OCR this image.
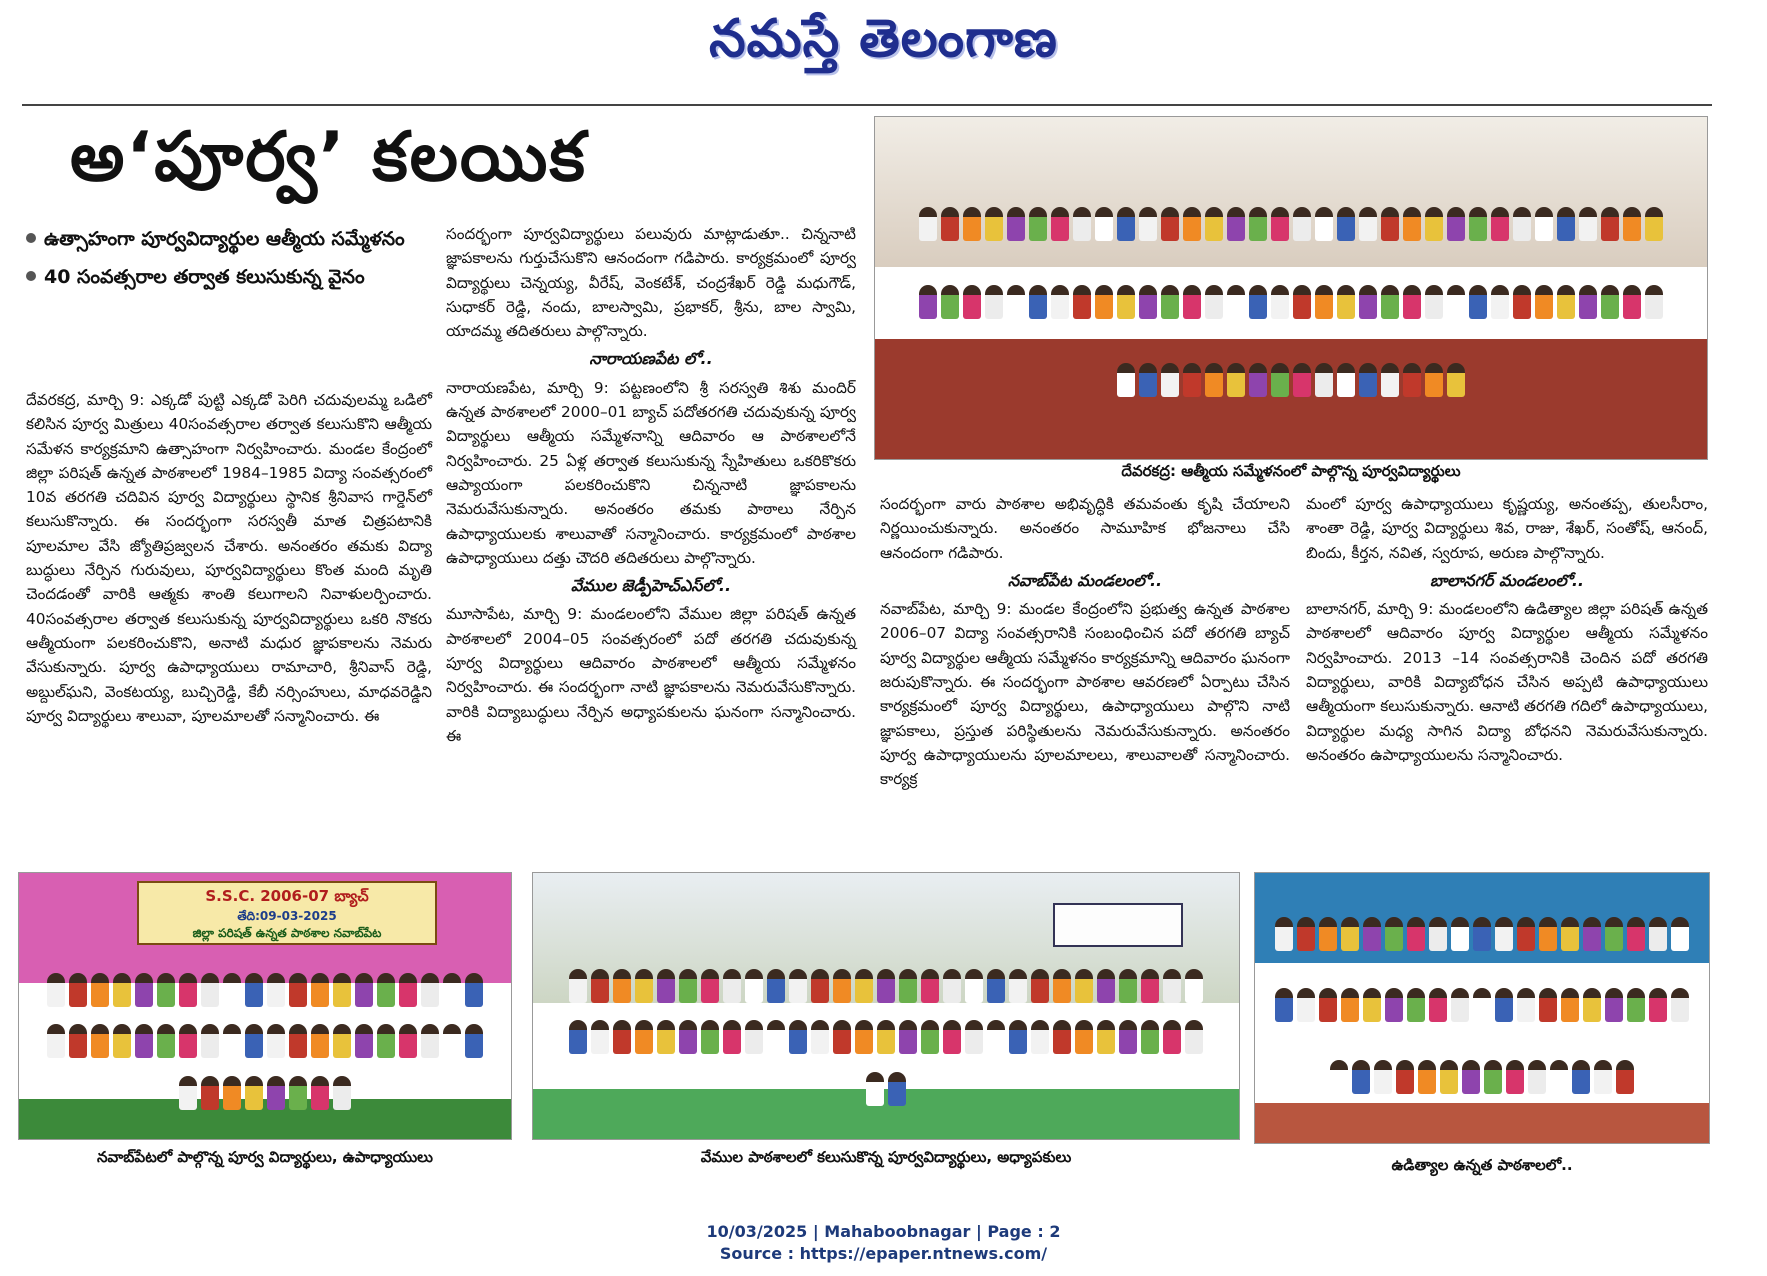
నమస్తే తెలంగాణ
అ‘పూర్వ’ కలయిక
ఉత్సాహంగా పూర్వవిద్యార్థుల ఆత్మీయ సమ్మేళనం
40 సంవత్సరాల తర్వాత కలుసుకున్న వైనం

దేవరకద్ర, మార్చి 9: ఎక్కడో పుట్టి ఎక్కడో పెరిగి చదువులమ్మ ఒడిలో కలిసిన పూర్వ మిత్రులు 40సంవత్సరాల తర్వాత కలుసుకొని ఆత్మీయ సమేళన కార్యక్రమాని ఉత్సాహంగా నిర్వహించారు. మండల కేంద్రంలో జిల్లా పరిషత్ ఉన్నత పాఠశాలలో 1984–1985 విద్యా సంవత్సరంలో 10వ తరగతి చదివిన పూర్వ విద్యార్థులు స్థానిక శ్రీనివాస గార్డెన్‌లో కలుసుకొన్నారు. ఈ సందర్భంగా సరస్వతీ మాత చిత్రపటానికి పూలమాల వేసి జ్యోతిప్రజ్వలన చేశారు. అనంతరం తమకు విద్యా బుద్ధులు నేర్పిన గురువులు, పూర్వవిద్యార్థులు కొంత మంది మృతి చెందడంతో వారికి ఆత్మకు శాంతి కలుగాలని నివాళులర్పించారు. 40సంవత్సరాల తర్వాత కలుసుకున్న పూర్వవిద్యార్థులు ఒకరి నొకరు ఆత్మీయంగా పలకరించుకొని, అనాటి మధుర జ్ఞాపకాలను నెమరు వేసుకున్నారు. పూర్వ ఉపాధ్యాయులు రామాచారి, శ్రీనివాస్ రెడ్డి, అబ్దుల్‌ఘని, వెంకటయ్య, బుచ్చిరెడ్డి, కేబీ నర్సింహులు, మాధవరెడ్డిని పూర్వ విద్యార్థులు శాలువా, పూలమాలతో సన్మానించారు. ఈ

సందర్భంగా పూర్వవిద్యార్థులు పలువురు మాట్లాడుతూ.. చిన్ననాటి జ్ఞాపకాలను గుర్తుచేసుకొని ఆనందంగా గడిపారు. కార్యక్రమంలో పూర్వ విద్యార్థులు చెన్నయ్య, వీరేష్, వెంకటేశ్, చంద్రశేఖర్ రెడ్డి మధుగౌడ్, సుధాకర్ రెడ్డి, నందు, బాలస్వామి, ప్రభాకర్, శ్రీను, బాల స్వామి, యాదమ్మ తదితరులు పాల్గొన్నారు.

నారాయణపేట లో..

నారాయణపేట, మార్చి 9: పట్టణంలోని శ్రీ సరస్వతి శిశు మందిర్ ఉన్నత పాఠశాలలో 2000–01 బ్యాచ్ పదోతరగతి చదువుకున్న పూర్వ విద్యార్థులు ఆత్మీయ సమ్మేళనాన్ని ఆదివారం ఆ పాఠశాలలోనే నిర్వహించారు. 25 ఏళ్ల తర్వాత కలుసుకున్న స్నేహితులు ఒకరికొకరు ఆప్యాయంగా పలకరించుకొని చిన్ననాటి జ్ఞాపకాలను నెమరువేసుకున్నారు. అనంతరం తమకు పాఠాలు నేర్పిన ఉపాధ్యాయులకు శాలువాతో సన్మానించారు. కార్యక్రమంలో పాఠశాల ఉపాధ్యాయులు దత్తు చౌదరి తదితరులు పాల్గొన్నారు.

వేముల జెడ్పీహెచ్‌ఎస్‌లో..

మూసాపేట, మార్చి 9: మండలంలోని వేముల జిల్లా పరిషత్ ఉన్నత పాఠశాలలో 2004–05 సంవత్సరంలో పదో తరగతి చదువుకున్న పూర్వ విద్యార్థులు ఆదివారం పాఠశాలలో ఆత్మీయ సమ్మేళనం నిర్వహించారు. ఈ సందర్భంగా నాటి జ్ఞాపకాలను నెమరువేసుకొన్నారు. వారికి విద్యాబుద్ధులు నేర్పిన అధ్యాపకులను ఘనంగా సన్మానించారు. ఈ

దేవరకద్ర: ఆత్మీయ సమ్మేళనంలో పాల్గొన్న పూర్వవిద్యార్థులు

సందర్భంగా వారు పాఠశాల అభివృద్ధికి తమవంతు కృషి చేయాలని నిర్ణయించుకున్నారు. అనంతరం సామూహిక భోజనాలు చేసి ఆనందంగా గడిపారు.

నవాబ్‌పేట మండలంలో..

నవాబ్‌పేట, మార్చి 9: మండల కేంద్రంలోని ప్రభుత్వ ఉన్నత పాఠశాల 2006–07 విద్యా సంవత్సరానికి సంబంధించిన పదో తరగతి బ్యాచ్ పూర్వ విద్యార్థుల ఆత్మీయ సమ్మేళనం కార్యక్రమాన్ని ఆదివారం ఘనంగా జరుపుకొన్నారు. ఈ సందర్భంగా పాఠశాల ఆవరణలో ఏర్పాటు చేసిన కార్యక్రమంలో పూర్వ విద్యార్థులు, ఉపాధ్యాయులు పాల్గొని నాటి జ్ఞాపకాలు, ప్రస్తుత పరిస్థితులను నెమరువేసుకున్నారు. అనంతరం పూర్వ ఉపాధ్యాయులను పూలమాలలు, శాలువాలతో సన్మానించారు. కార్యక్ర

మంలో పూర్వ ఉపాధ్యాయులు కృష్ణయ్య, అనంతప్ప, తులసీరాం, శాంతా రెడ్డి, పూర్వ విద్యార్థులు శివ, రాజు, శేఖర్, సంతోష్, ఆనంద్, బిందు, కీర్తన, నవిత, స్వరూప, అరుణ పాల్గొన్నారు.

బాలానగర్ మండలంలో..

బాలానగర్, మార్చి 9: మండలంలోని ఉడిత్యాల జిల్లా పరిషత్ ఉన్నత పాఠశాలలో ఆదివారం పూర్వ విద్యార్థుల ఆత్మీయ సమ్మేళనం నిర్వహించారు. 2013 –14 సంవత్సరానికి చెందిన పదో తరగతి విద్యార్థులు, వారికి విద్యాబోధన చేసిన అప్పటి ఉపాధ్యాయులు ఆత్మీయంగా కలుసుకున్నారు. ఆనాటి తరగతి గదిలో ఉపాధ్యాయులు, విద్యార్థుల మధ్య సాగిన విద్యా బోధనని నెమరువేసుకున్నారు. అనంతరం ఉపాధ్యాయులను సన్మానించారు.

S.S.C. 2006-07 బ్యాచ్
తేది:09-03-2025
జిల్లా పరిషత్ ఉన్నత పాఠశాల నవాబ్‌పేట
నవాబ్‌పేటలో పాల్గొన్న పూర్వ విద్యార్థులు, ఉపాధ్యాయులు	వేముల పాఠశాలలో కలుసుకొన్న పూర్వవిద్యార్థులు, అధ్యాపకులు	ఉడిత్యాల ఉన్నత పాఠశాలలో..
10/03/2025 | Mahaboobnagar | Page : 2
Source : https://epaper.ntnews.com/
